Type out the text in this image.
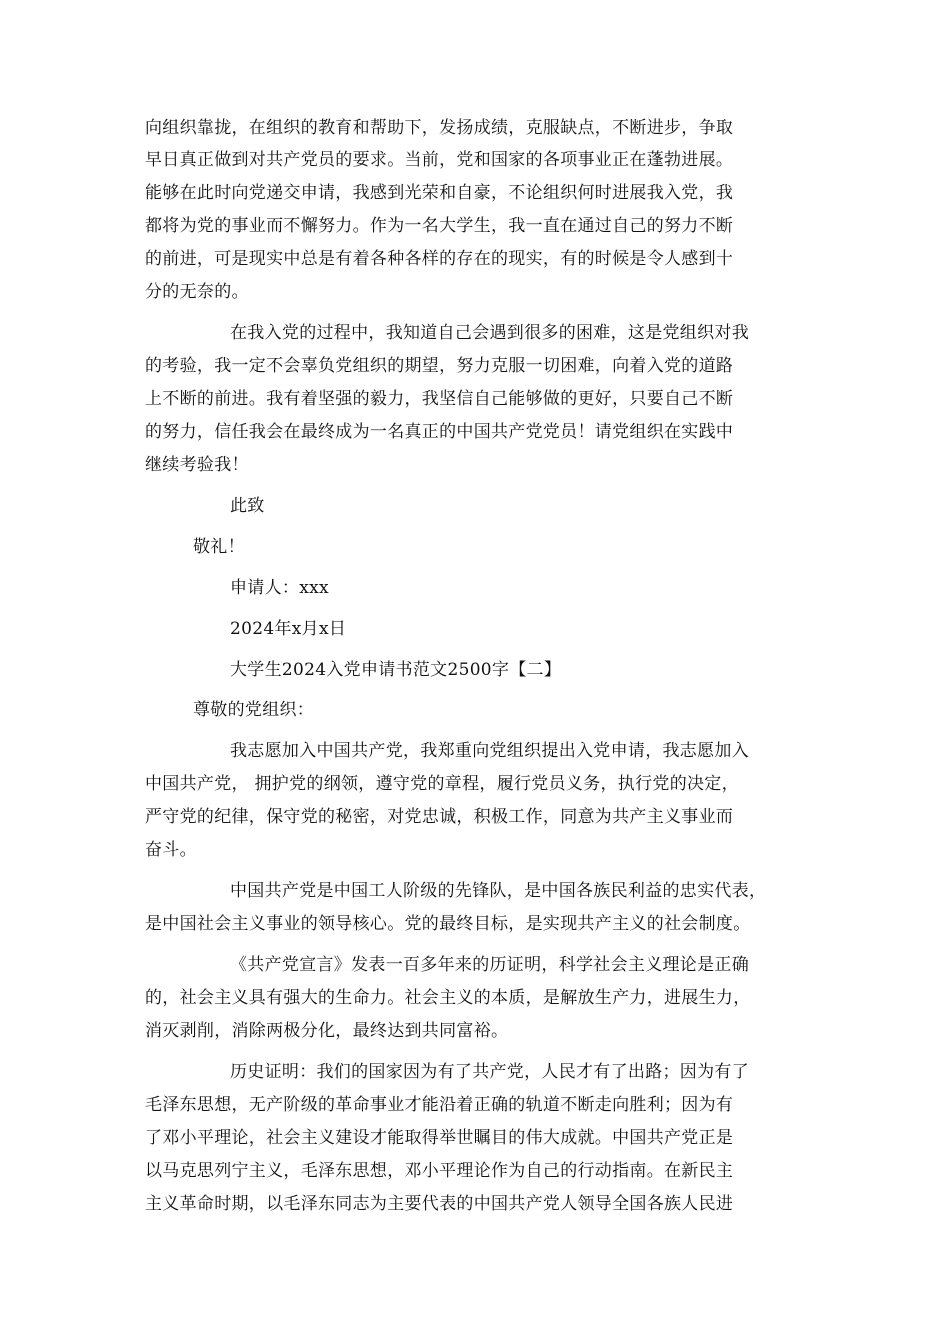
向组织靠拢，在组织的教育和帮助下，发扬成绩，克服缺点，不断进步，争取
早日真正做到对共产党员的要求。当前，党和国家的各项事业正在蓬勃进展。
能够在此时向党递交申请，我感到光荣和自豪，不论组织何时进展我入党，我
都将为党的事业而不懈努力。作为一名大学生，我一直在通过自己的努力不断
的前进，可是现实中总是有着各种各样的存在的现实，有的时候是令人感到十
分的无奈的。
在我入党的过程中，我知道自己会遇到很多的困难，这是党组织对我
的考验，我一定不会辜负党组织的期望，努力克服一切困难，向着入党的道路
上不断的前进。我有着坚强的毅力，我坚信自己能够做的更好，只要自己不断
的努力，信任我会在最终成为一名真正的中国共产党党员！请党组织在实践中
继续考验我！
此致
敬礼！
申请人：xxx
2024年x月x日
大学生2024入党申请书范文2500字【二】
尊敬的党组织：
我志愿加入中国共产党，我郑重向党组织提出入党申请，我志愿加入
中国共产党， 拥护党的纲领，遵守党的章程，履行党员义务，执行党的决定，
严守党的纪律，保守党的秘密，对党忠诚，积极工作，同意为共产主义事业而
奋斗。
中国共产党是中国工人阶级的先锋队，是中国各族民利益的忠实代表，
是中国社会主义事业的领导核心。党的最终目标，是实现共产主义的社会制度。
《共产党宣言》发表一百多年来的历证明，科学社会主义理论是正确
的，社会主义具有强大的生命力。社会主义的本质，是解放生产力，进展生力，
消灭剥削，消除两极分化，最终达到共同富裕。
历史证明：我们的国家因为有了共产党，人民才有了出路；因为有了
毛泽东思想，无产阶级的革命事业才能沿着正确的轨道不断走向胜利；因为有
了邓小平理论，社会主义建设才能取得举世瞩目的伟大成就。中国共产党正是
以马克思列宁主义，毛泽东思想，邓小平理论作为自己的行动指南。在新民主
主义革命时期，以毛泽东同志为主要代表的中国共产党人领导全国各族人民进
